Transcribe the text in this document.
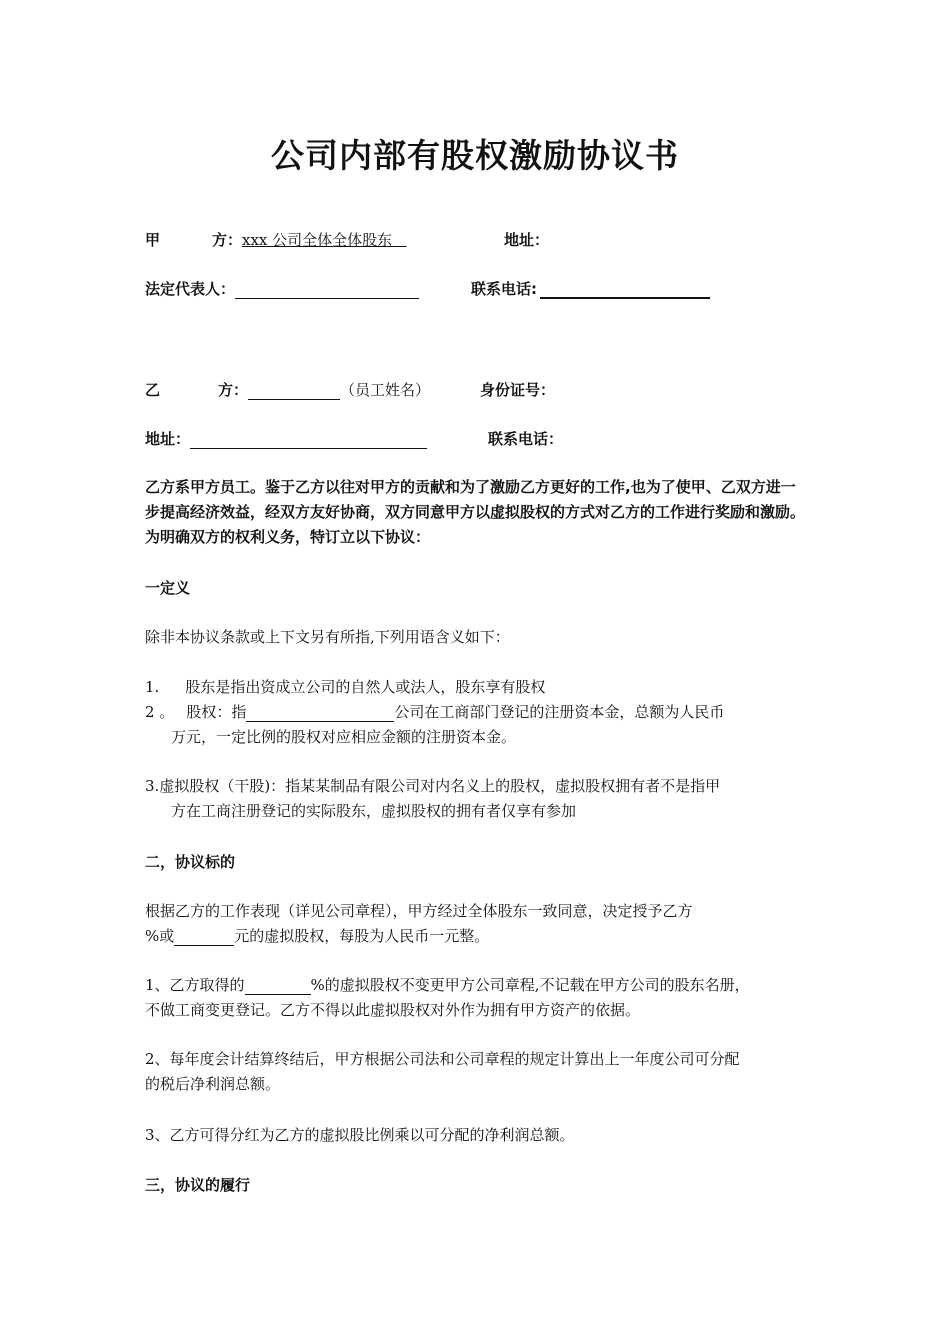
公司内部有股权激励协议书
甲	方：xxx 公司全体全体股东	地址：
法定代表人：	联系电话:
乙	方：	（员工姓名）	身份证号：
地址：	联系电话：
乙方系甲方员工。鉴于乙方以往对甲方的贡献和为了激励乙方更好的工作,也为了使甲、乙双方进一步提高经济效益，经双方友好协商，双方同意甲方以虚拟股权的方式对乙方的工作进行奖励和激励。为明确双方的权利义务，特订立以下协议：
一定义
除非本协议条款或上下文另有所指,下列用语含义如下：
1. 股东是指出资成立公司的自然人或法人，股东享有股权
2 。 股权：指	公司在工商部门登记的注册资本金，总额为人民币
万元，一定比例的股权对应相应金额的注册资本金。
3.虚拟股权（干股)：指某某制品有限公司对内名义上的股权，虚拟股权拥有者不是指甲
方在工商注册登记的实际股东，虚拟股权的拥有者仅享有参加
二，协议标的
根据乙方的工作表现（详见公司章程），甲方经过全体股东一致同意，决定授予乙方
%或	元的虚拟股权，每股为人民币一元整。
1、乙方取得的	%的虚拟股权不变更甲方公司章程,不记载在甲方公司的股东名册，
不做工商变更登记。乙方不得以此虚拟股权对外作为拥有甲方资产的依据。
2、每年度会计结算终结后，甲方根据公司法和公司章程的规定计算出上一年度公司可分配
的税后净利润总额。
3、乙方可得分红为乙方的虚拟股比例乘以可分配的净利润总额。
三，协议的履行
